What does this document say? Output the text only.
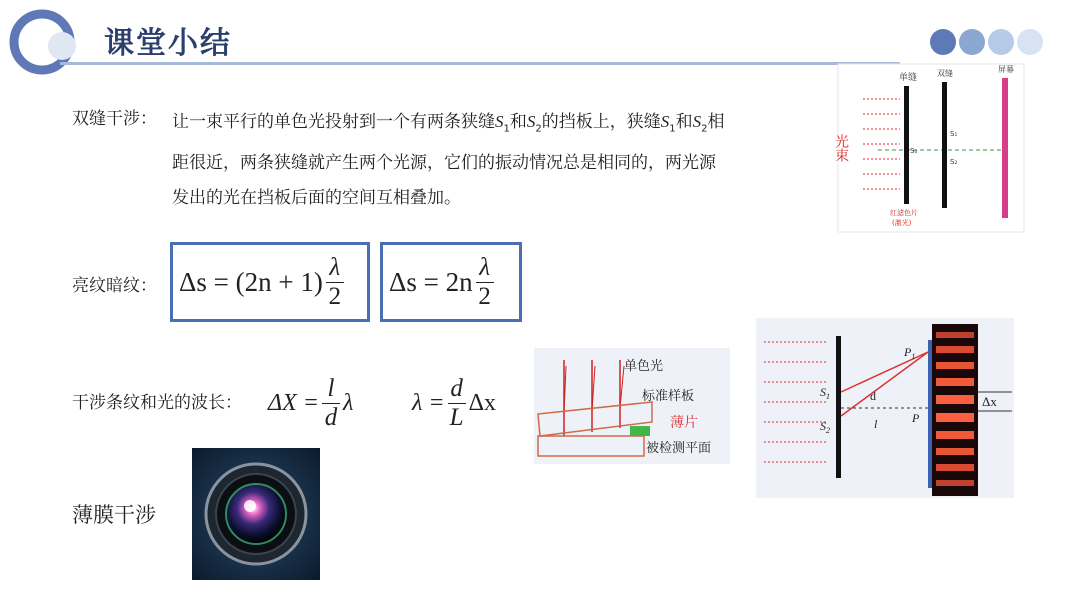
课堂小结
双缝干涉： 让一束平行的单色光投射到一个有两条狭缝$S_1$和$S_2$的挡板上，狭缝$S_1$和$S_2$相
距很近，两条狭缝就产生两个光源，它们的振动情况总是相同的，两光源
发出的光在挡板后面的空间互相叠加。
光束
单缝 双缝	屏幕
S₀
S₁
S₂
红滤色片
(激光)
亮纹暗纹： $\Delta s = (2n + 1) \frac{\lambda}{2}$ $\Delta s = 2n \frac{\lambda}{2}$
干涉条纹和光的波长： $\Delta X = \frac{l}{d}$ λ $\lambda = \frac{d}{L}$ Δx
单色光
标准样板
薄片
被检测平面
$P_1$
$S_1$
$S_2$
d
l	P
Δx
薄膜干涉
